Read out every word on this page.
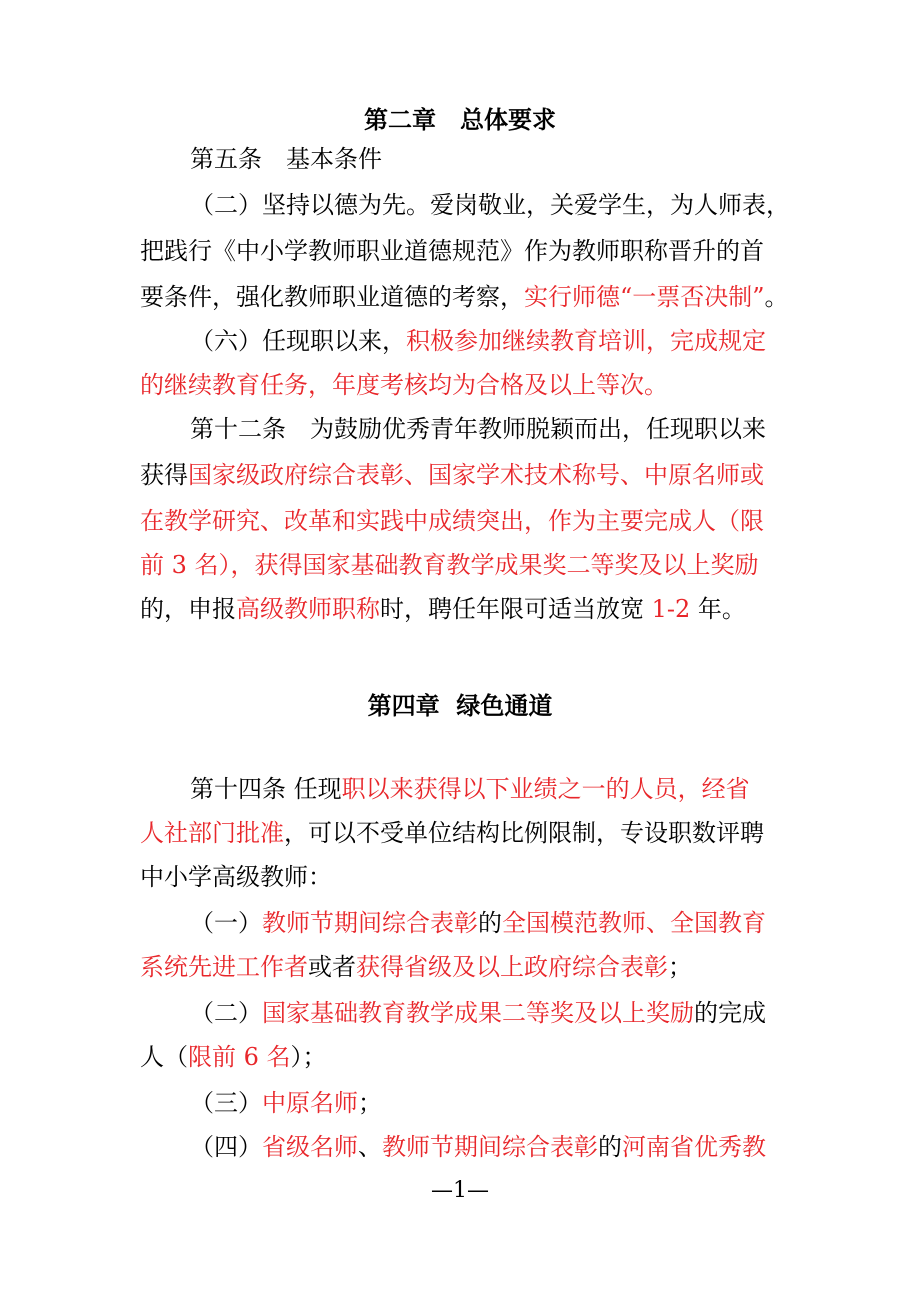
第二章　总体要求
第五条　基本条件
（二）坚持以德为先。爱岗敬业，关爱学生，为人师表，
把践行《中小学教师职业道德规范》作为教师职称晋升的首
要条件，强化教师职业道德的考察，实行师德“一票否决制”。
（六）任现职以来，积极参加继续教育培训，完成规定
的继续教育任务，年度考核均为合格及以上等次。
第十二条　为鼓励优秀青年教师脱颖而出，任现职以来
获得国家级政府综合表彰、国家学术技术称号、中原名师或
在教学研究、改革和实践中成绩突出，作为主要完成人（限
前 3 名），获得国家基础教育教学成果奖二等奖及以上奖励
的，申报高级教师职称时，聘任年限可适当放宽 1-2 年。
第四章  绿色通道
第十四条 任现职以来获得以下业绩之一的人员，经省
人社部门批准，可以不受单位结构比例限制，专设职数评聘
中小学高级教师：
（一）教师节期间综合表彰的全国模范教师、全国教育
系统先进工作者或者获得省级及以上政府综合表彰；
（二）国家基础教育教学成果二等奖及以上奖励的完成
人（限前 6 名）；
（三）中原名师；
（四）省级名师、教师节期间综合表彰的河南省优秀教
—1—
